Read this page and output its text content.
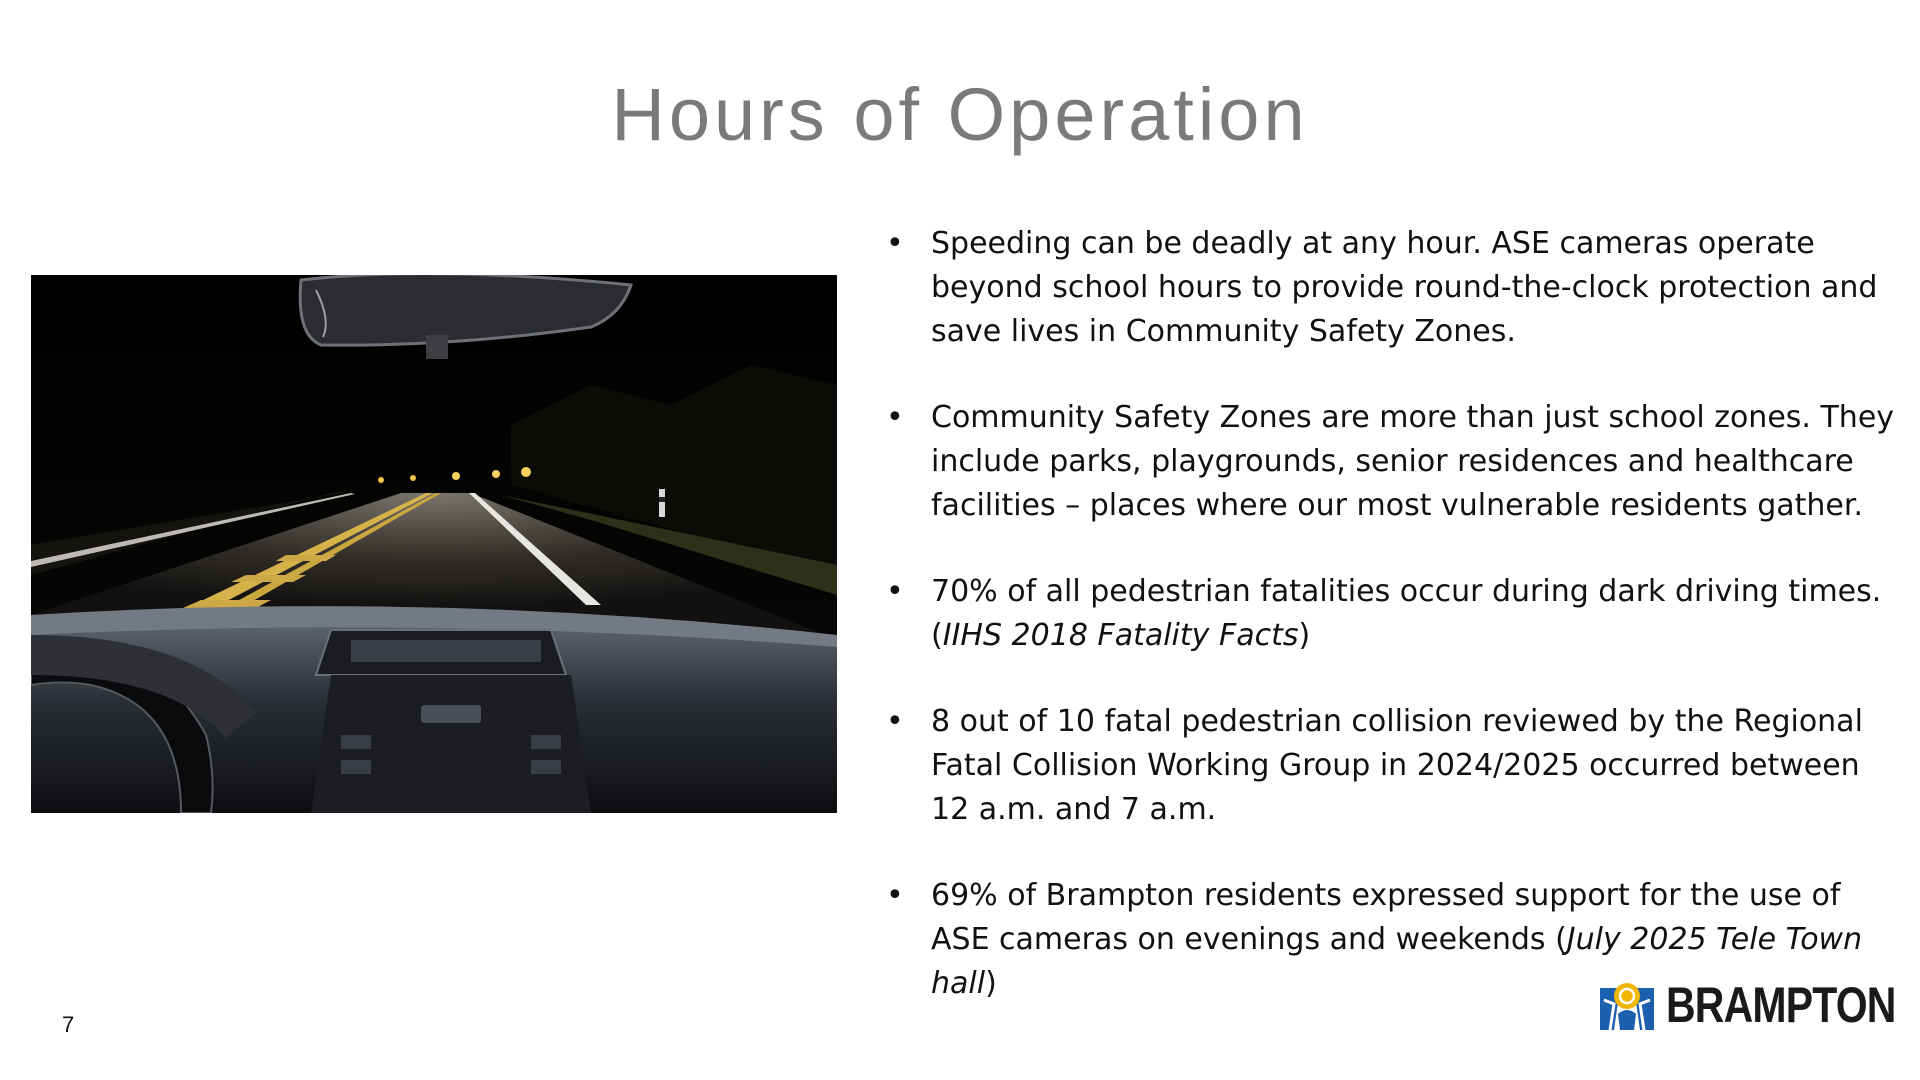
Hours of Operation
• Speeding can be deadly at any hour. ASE cameras operate beyond school hours to provide round-the-clock protection and save lives in Community Safety Zones.
• Community Safety Zones are more than just school zones. They include parks, playgrounds, senior residences and healthcare facilities – places where our most vulnerable residents gather.
• 70% of all pedestrian fatalities occur during dark driving times.
(IIHS 2018 Fatality Facts)
• 8 out of 10 fatal pedestrian collision reviewed by the Regional Fatal Collision Working Group in 2024/2025 occurred between 12 a.m. and 7 a.m.
• 69% of Brampton residents expressed support for the use of ASE cameras on evenings and weekends (July 2025 Tele Town hall)
7	BRAMPTON
